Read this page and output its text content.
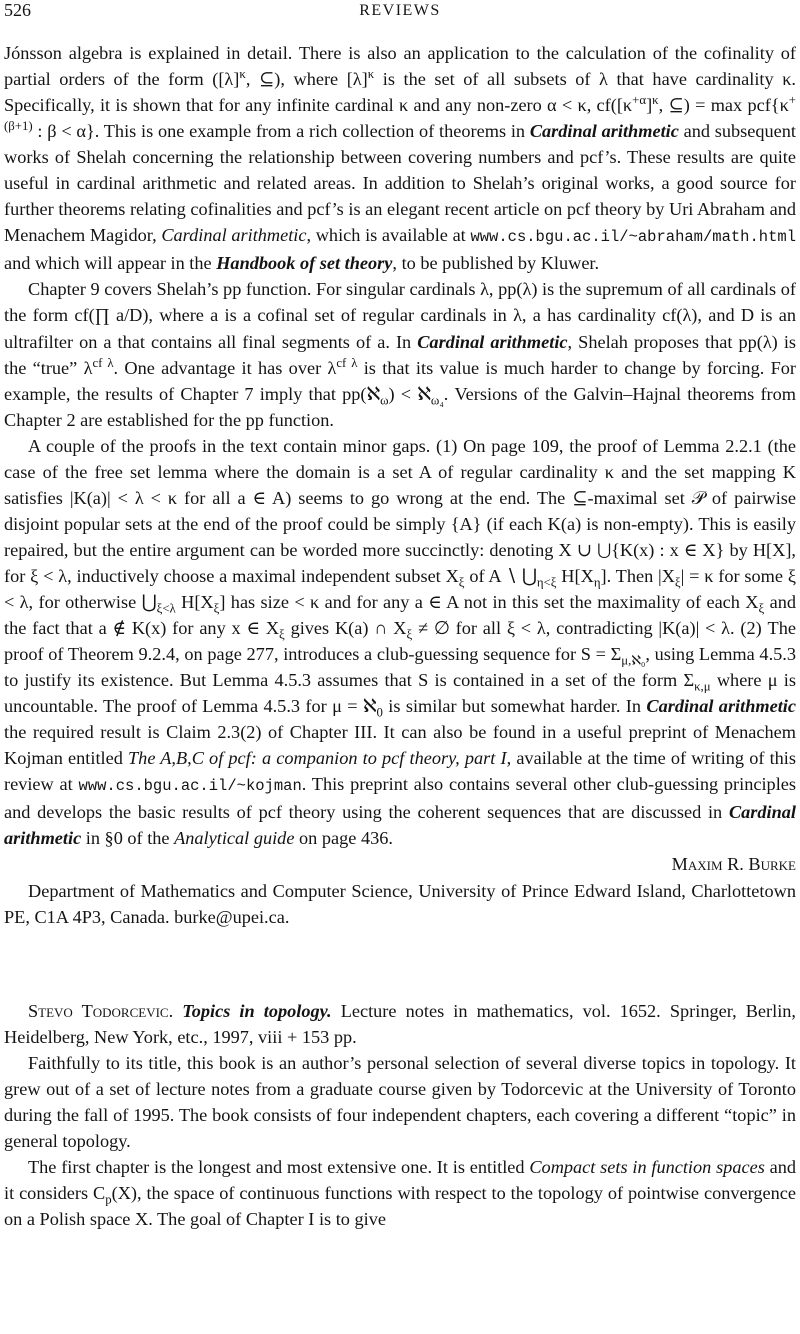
526	REVIEWS

Jónsson algebra is explained in detail. There is also an application to the calculation of the cofinality of partial orders of the form ($[\lambda]^\kappa$, ⊆), where $[\lambda]^\kappa$ is the set of all subsets of λ that have cardinality κ. Specifically, it is shown that for any infinite cardinal κ and any non-zero α < κ, $cf([\kappa^{+\alpha}]^\kappa$, ⊆) = $\max pcf\{\kappa^{+(\beta+1)}$ : β < α}. This is one example from a rich collection of theorems in Cardinal arithmetic and subsequent works of Shelah concerning the relationship between covering numbers and pcf’s. These results are quite useful in cardinal arithmetic and related areas. In addition to Shelah’s original works, a good source for further theorems relating cofinalities and pcf’s is an elegant recent article on pcf theory by Uri Abraham and Menachem Magidor, Cardinal arithmetic, which is available at www.cs.bgu.ac.il/~abraham/math.html and which will appear in the Handbook of set theory, to be published by Kluwer.

Chapter 9 covers Shelah’s pp function. For singular cardinals λ, pp(λ) is the supremum of all cardinals of the form cf(∏ a/D), where a is a cofinal set of regular cardinals in λ, a has cardinality cf(λ), and D is an ultrafilter on a that contains all final segments of a. In Cardinal arithmetic, Shelah proposes that pp(λ) is the “true” $\lambda^{cf \lambda}$. One advantage it has over $\lambda^{cf \lambda}$ is that its value is much harder to change by forcing. For example, the results of Chapter 7 imply that pp(ℵ$_\omega$) < ℵ$_{\omega_4}$. Versions of the Galvin–Hajnal theorems from Chapter 2 are established for the pp function.

A couple of the proofs in the text contain minor gaps. (1) On page 109, the proof of Lemma 2.2.1 (the case of the free set lemma where the domain is a set A of regular cardinality κ and the set mapping K satisfies |K(a)| < λ < κ for all a ∈ A) seems to go wrong at the end. The ⊆-maximal set 𝒫 of pairwise disjoint popular sets at the end of the proof could be simply {A} (if each K(a) is non-empty). This is easily repaired, but the entire argument can be worded more succinctly: denoting X ∪ ⋃{K(x) : x ∈ X} by H[X], for ξ < λ, inductively choose a maximal independent subset $X_\xi$ of A ∖ $⋃_{\eta<\xi}$ $H[X_\eta]$. Then $|X_\xi| = \kappa$ for some ξ < λ, for otherwise $⋃_{\xi<\lambda}$ $H[X_\xi]$ has size < κ and for any a ∈ A not in this set the maximality of each $X_\xi$ and the fact that a ∉ K(x) for any x ∈ $X_\xi$ gives K(a) ∩ $X_\xi$ ≠ ∅ for all ξ < λ, contradicting |K(a)| < λ. (2) The proof of Theorem 9.2.4, on page 277, introduces a club-guessing sequence for $S = \Sigma_{\mu,ℵ_0}$, using Lemma 4.5.3 to justify its existence. But Lemma 4.5.3 assumes that S is contained in a set of the form $\Sigma_{\kappa,\mu}$ where μ is uncountable. The proof of Lemma 4.5.3 for μ = ℵ$_0$ is similar but somewhat harder. In Cardinal arithmetic the required result is Claim 2.3(2) of Chapter III. It can also be found in a useful preprint of Menachem Kojman entitled The A,B,C of pcf: a companion to pcf theory, part I, available at the time of writing of this review at www.cs.bgu.ac.il/~kojman. This preprint also contains several other club-guessing principles and develops the basic results of pcf theory using the coherent sequences that are discussed in Cardinal arithmetic in §0 of the Analytical guide on page 436.

Maxim R. Burke

Department of Mathematics and Computer Science, University of Prince Edward Island, Charlottetown PE, C1A 4P3, Canada. burke@upei.ca.

Stevo Todorcevic. Topics in topology. Lecture notes in mathematics, vol. 1652. Springer, Berlin, Heidelberg, New York, etc., 1997, viii + 153 pp.

Faithfully to its title, this book is an author’s personal selection of several diverse topics in topology. It grew out of a set of lecture notes from a graduate course given by Todorcevic at the University of Toronto during the fall of 1995. The book consists of four independent chapters, each covering a different “topic” in general topology.

The first chapter is the longest and most extensive one. It is entitled Compact sets in function spaces and it considers $C_p(X)$, the space of continuous functions with respect to the topology of pointwise convergence on a Polish space X. The goal of Chapter I is to give
